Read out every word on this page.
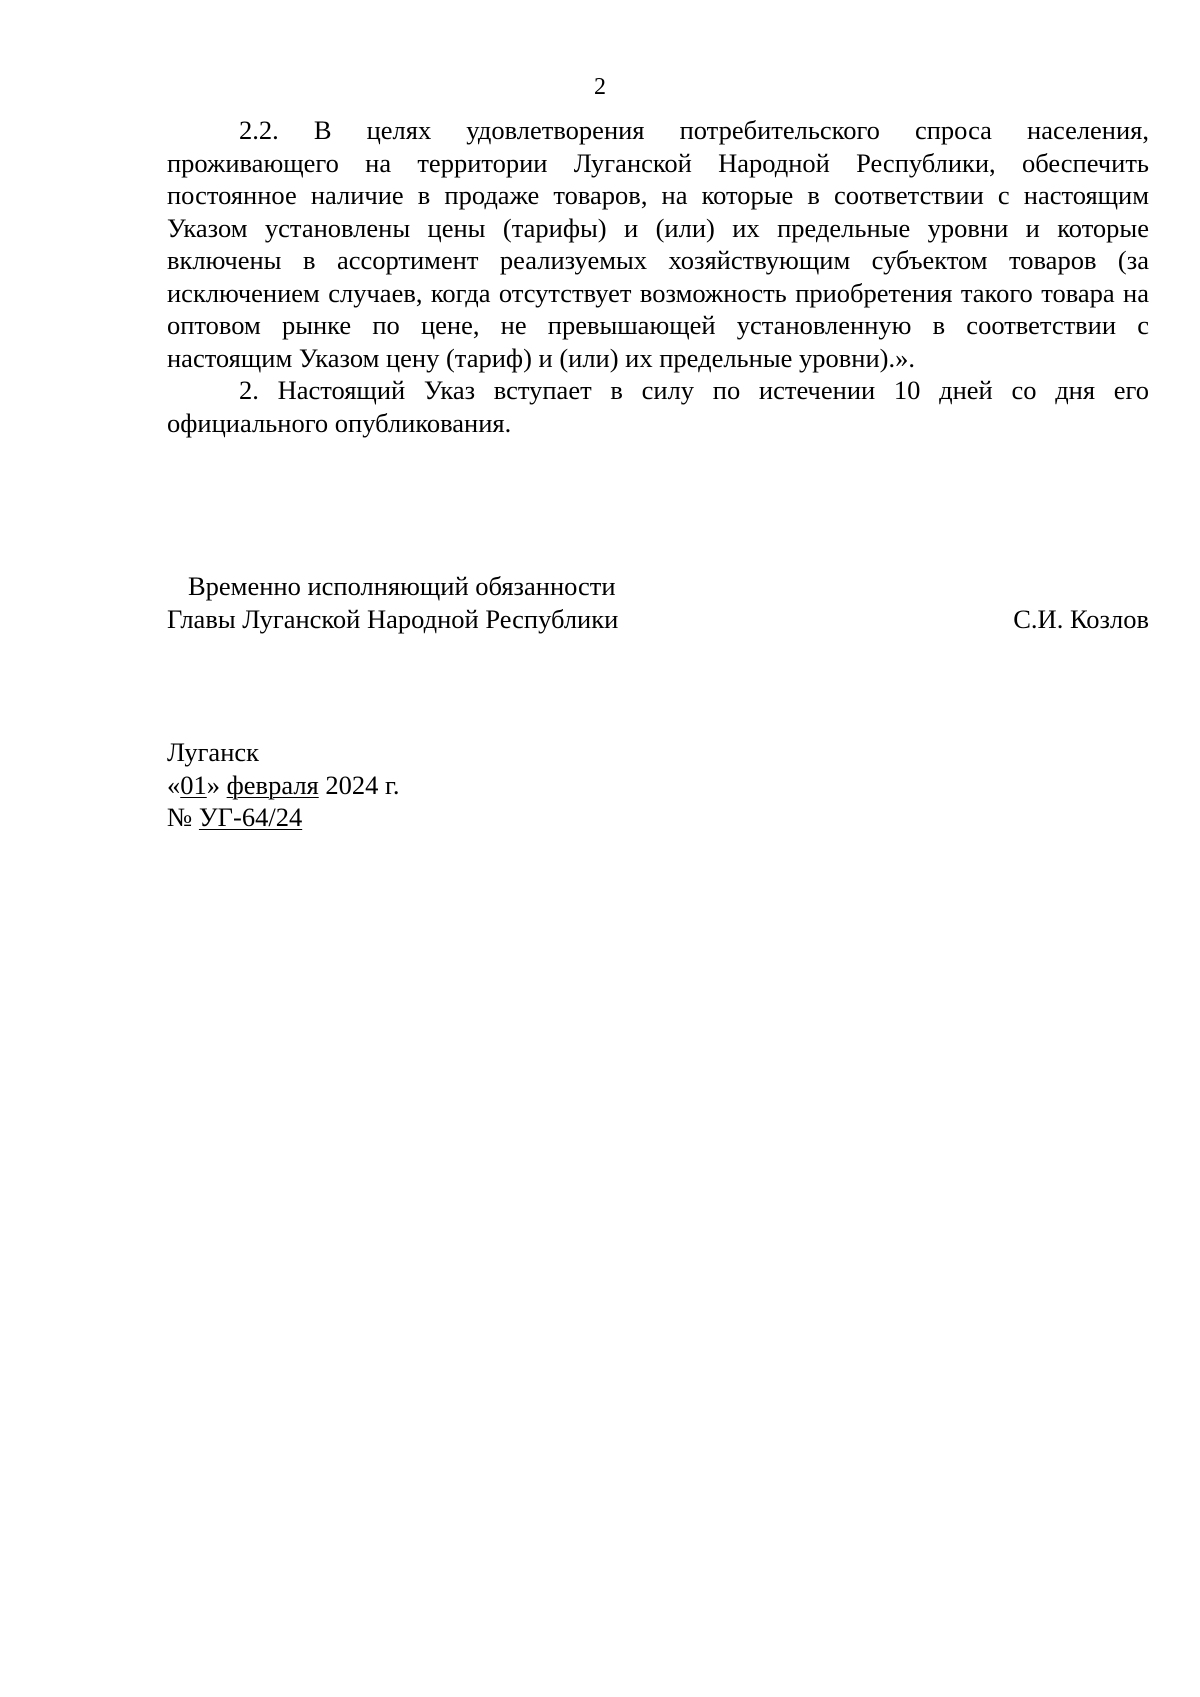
2

2.2. В целях удовлетворения потребительского спроса населения, проживающего на территории Луганской Народной Республики, обеспечить постоянное наличие в продаже товаров, на которые в соответствии с настоящим Указом установлены цены (тарифы) и (или) их предельные уровни и которые включены в ассортимент реализуемых хозяйствующим субъектом товаров (за исключением случаев, когда отсутствует возможность приобретения такого товара на оптовом рынке по цене, не превышающей установленную в соответствии с настоящим Указом цену (тариф) и (или) их предельные уровни).».

2. Настоящий Указ вступает в силу по истечении 10 дней со дня его официального опубликования.

Временно исполняющий обязанности
Главы Луганской Народной Республики	С.И. Козлов
Луганск
«01» февраля 2024 г.
№ УГ-64/24
